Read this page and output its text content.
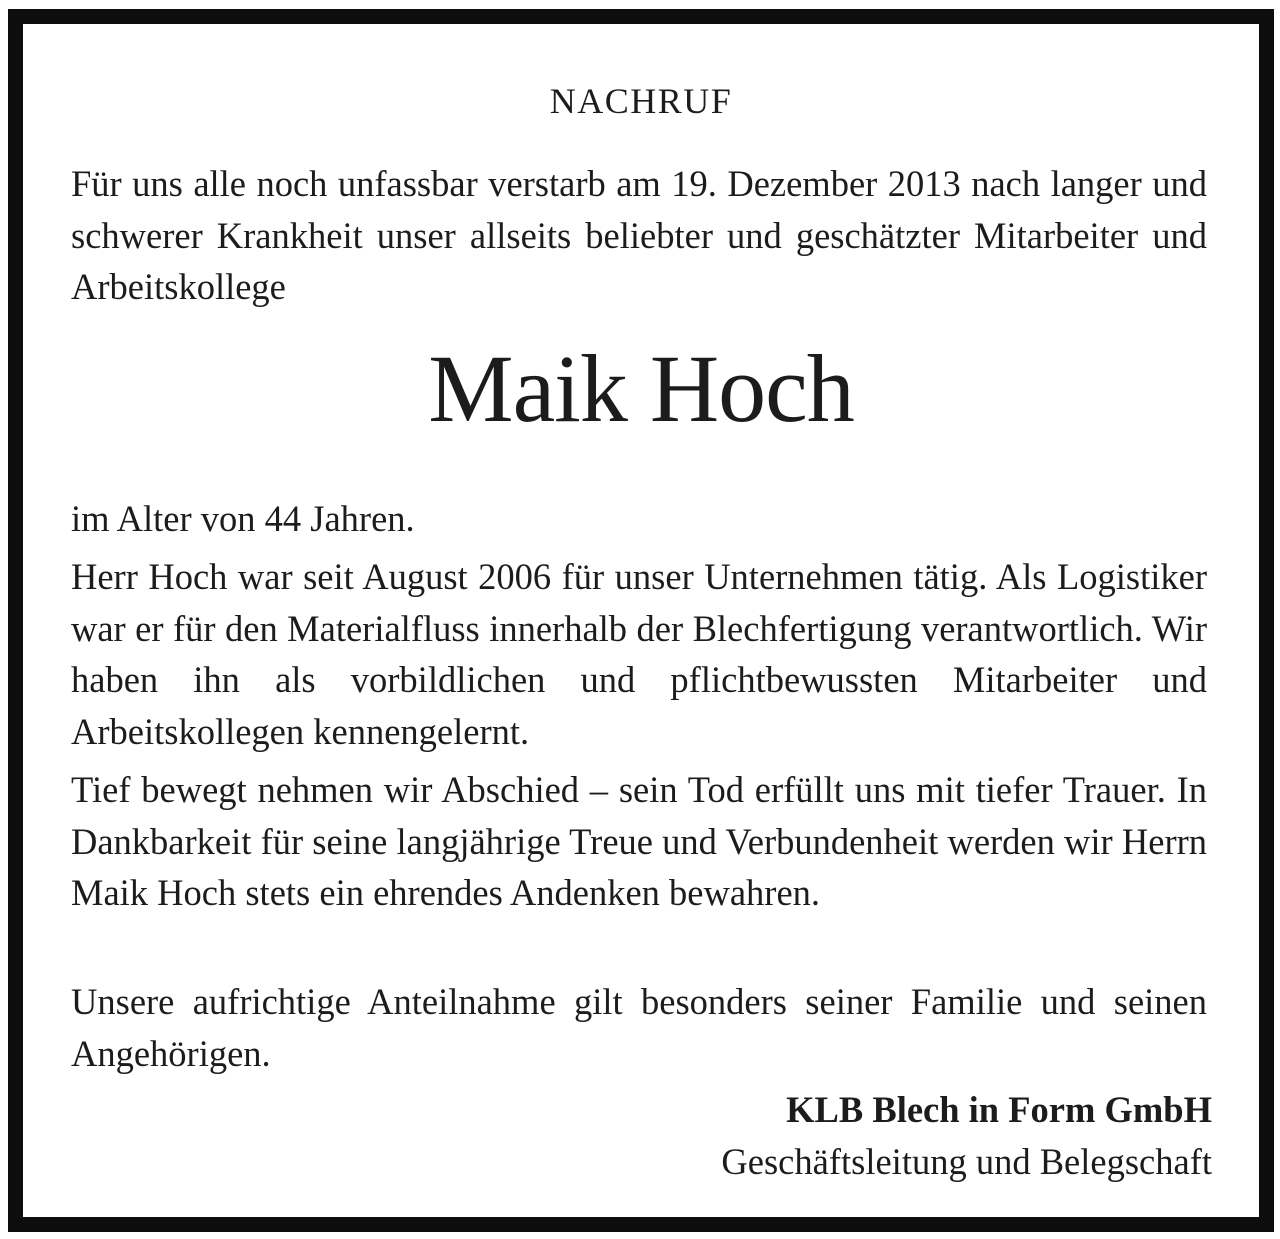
NACHRUF

Für uns alle noch unfassbar verstarb am 19. Dezember 2013 nach langer und schwerer Krankheit unser allseits beliebter und geschätzter Mitarbeiter und Arbeitskollege

Maik Hoch

im Alter von 44 Jahren.

Herr Hoch war seit August 2006 für unser Unternehmen tätig. Als Logistiker war er für den Materialfluss innerhalb der Blechfertigung verantwortlich. Wir haben ihn als vorbildlichen und pflichtbewussten Mitarbeiter und Arbeitskollegen kennengelernt.

Tief bewegt nehmen wir Abschied – sein Tod erfüllt uns mit tiefer Trauer. In Dankbarkeit für seine langjährige Treue und Verbundenheit werden wir Herrn Maik Hoch stets ein ehrendes Andenken bewahren.

Unsere aufrichtige Anteilnahme gilt besonders seiner Familie und seinen Angehörigen.

KLB Blech in Form GmbH
Geschäftsleitung und Belegschaft
